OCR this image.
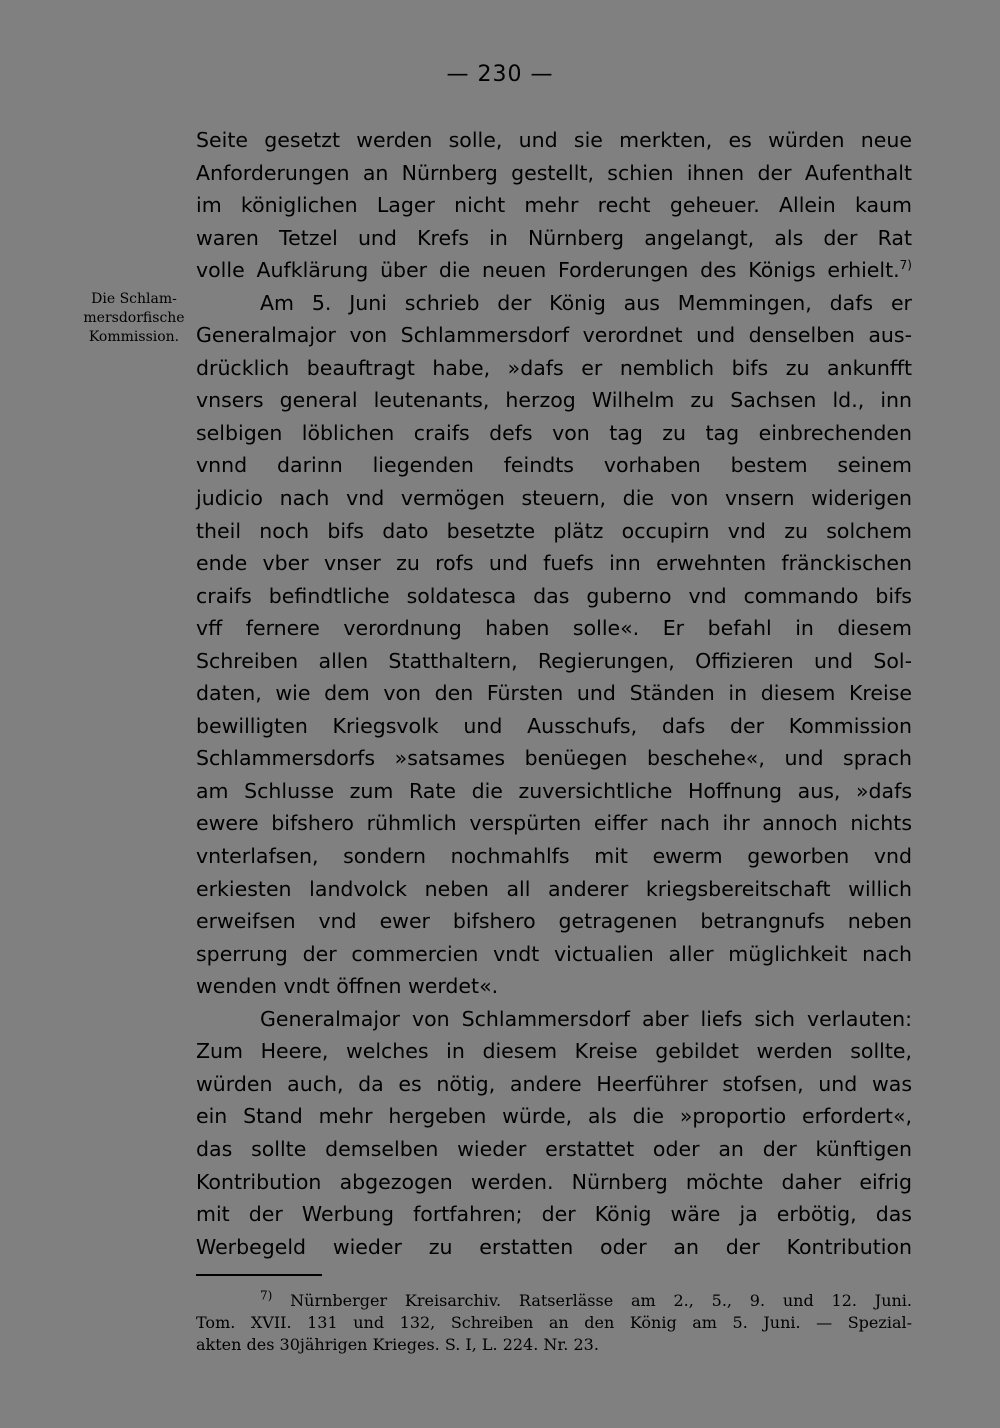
— 230 —
Die Schlam-
mersdorfische
Kommission.
Seite gesetzt werden solle, und sie merkten, es würden neue
Anforderungen an Nürnberg gestellt, schien ihnen der Aufenthalt
im königlichen Lager nicht mehr recht geheuer. Allein kaum
waren Tetzel und Krefs in Nürnberg angelangt, als der Rat
volle Aufklärung über die neuen Forderungen des Königs erhielt.$^{7)}$
Am 5. Juni schrieb der König aus Memmingen, dafs er
Generalmajor von Schlammersdorf verordnet und denselben aus-
drücklich beauftragt habe, »dafs er nemblich bifs zu ankunfft
vnsers general leutenants, herzog Wilhelm zu Sachsen ld., inn
selbigen löblichen craifs defs von tag zu tag einbrechenden
vnnd darinn liegenden feindts vorhaben bestem seinem
judicio nach vnd vermögen steuern, die von vnsern widerigen
theil noch bifs dato besetzte plätz occupirn vnd zu solchem
ende vber vnser zu rofs und fuefs inn erwehnten fränckischen
craifs befindtliche soldatesca das guberno vnd commando bifs
vff fernere verordnung haben solle«. Er befahl in diesem
Schreiben allen Statthaltern, Regierungen, Offizieren und Sol-
daten, wie dem von den Fürsten und Ständen in diesem Kreise
bewilligten Kriegsvolk und Ausschufs, dafs der Kommission
Schlammersdorfs »satsames benüegen beschehe«, und sprach
am Schlusse zum Rate die zuversichtliche Hoffnung aus, »dafs
ewere bifshero rühmlich verspürten eiffer nach ihr annoch nichts
vnterlafsen, sondern nochmahlfs mit ewerm geworben vnd
erkiesten landvolck neben all anderer kriegsbereitschaft willich
erweifsen vnd ewer bifshero getragenen betrangnufs neben
sperrung der commercien vndt victualien aller müglichkeit nach
wenden vndt öffnen werdet«.
Generalmajor von Schlammersdorf aber liefs sich verlauten:
Zum Heere, welches in diesem Kreise gebildet werden sollte,
würden auch, da es nötig, andere Heerführer stofsen, und was
ein Stand mehr hergeben würde, als die »proportio erfordert«,
das sollte demselben wieder erstattet oder an der künftigen
Kontribution abgezogen werden. Nürnberg möchte daher eifrig
mit der Werbung fortfahren; der König wäre ja erbötig, das
Werbegeld wieder zu erstatten oder an der Kontribution
$^{7)}$ Nürnberger Kreisarchiv. Ratserlässe am 2., 5., 9. und 12. Juni.
Tom. XVII. 131 und 132, Schreiben an den König am 5. Juni. — Spezial-
akten des 30jährigen Krieges. S. I, L. 224. Nr. 23.
